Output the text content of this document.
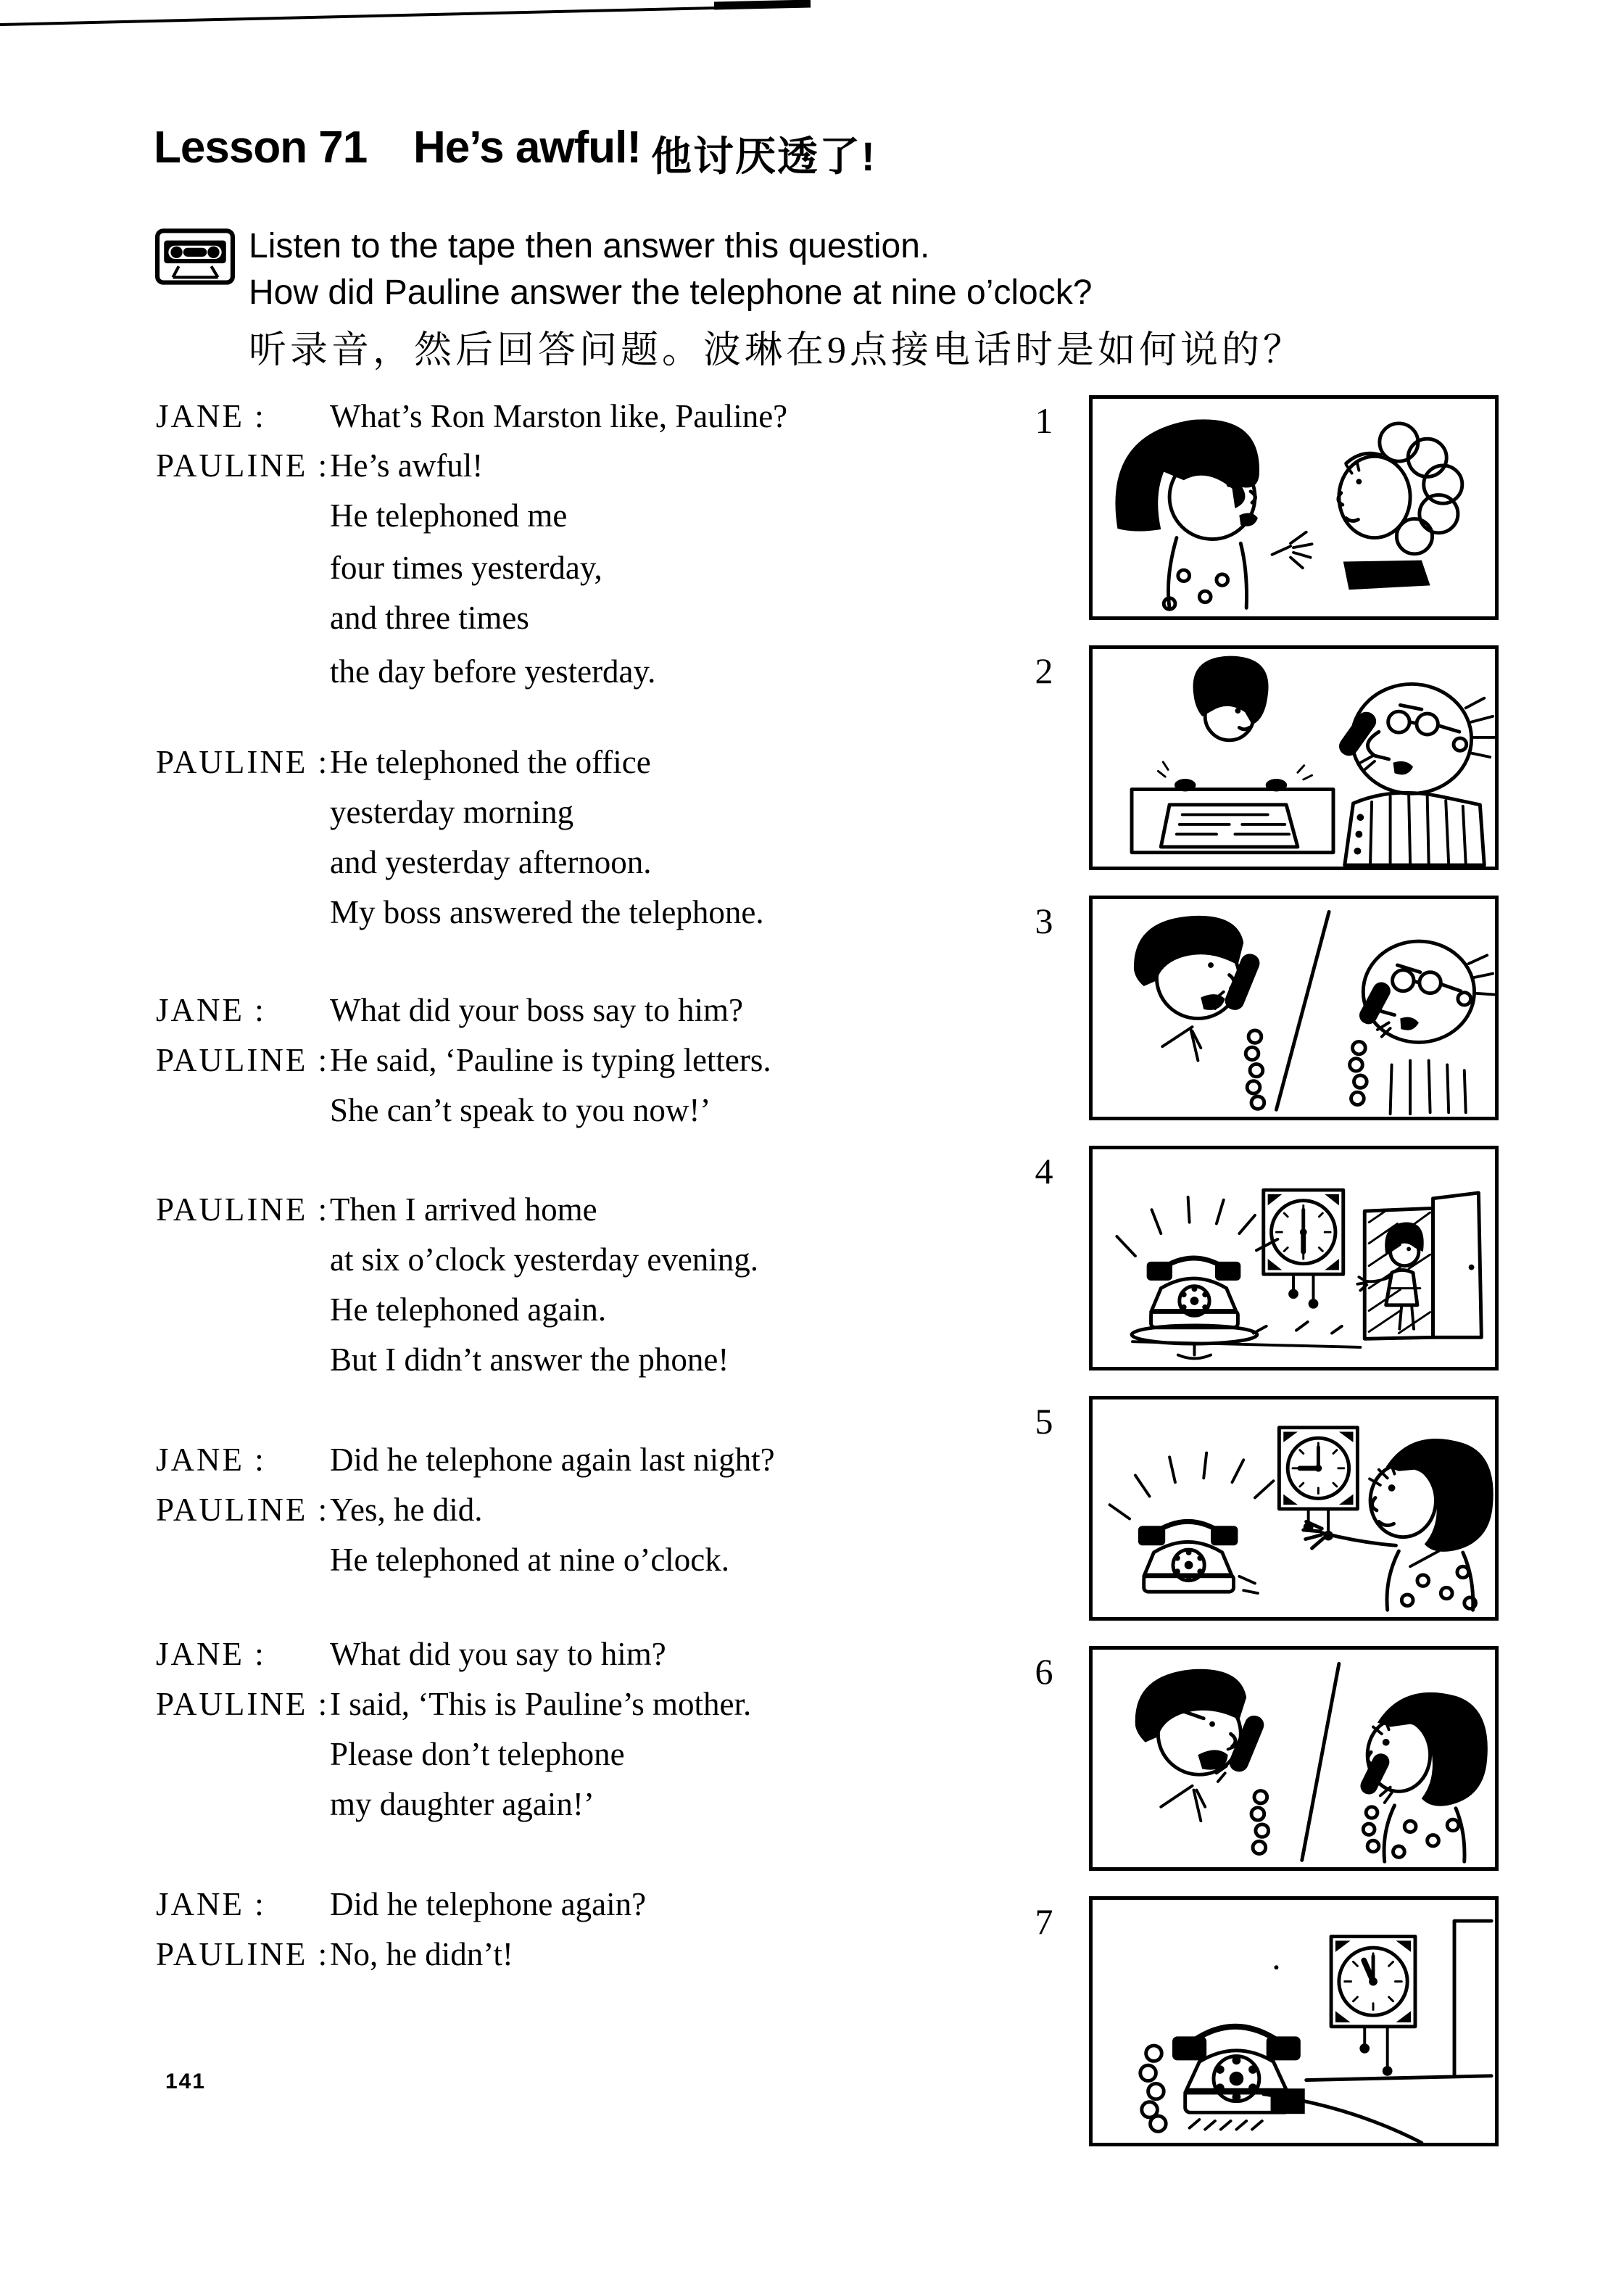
Lesson 71 He’s awful! 他讨厌透了!
Listen to the tape then answer this question.
How did Pauline answer the telephone at nine o’clock?
听录音，然后回答问题。波琳在9点接电话时是如何说的？
JANE : What’s Ron Marston like, Pauline?
PAULINE : He’s awful!
He telephoned me
four times yesterday,
and three times
the day before yesterday.
PAULINE : He telephoned the office
yesterday morning
and yesterday afternoon.
My boss answered the telephone.
JANE : What did your boss say to him?
PAULINE : He said, ‘Pauline is typing letters.
She can’t speak to you now!’
PAULINE : Then I arrived home
at six o’clock yesterday evening.
He telephoned again.
But I didn’t answer the phone!
JANE : Did he telephone again last night?
PAULINE : Yes, he did.
He telephoned at nine o’clock.
JANE : What did you say to him?
PAULINE : I said, ‘This is Pauline’s mother.
Please don’t telephone
my daughter again!’
JANE : Did he telephone again?
PAULINE : No, he didn’t!
1
2
3
4
5
6
7
141
